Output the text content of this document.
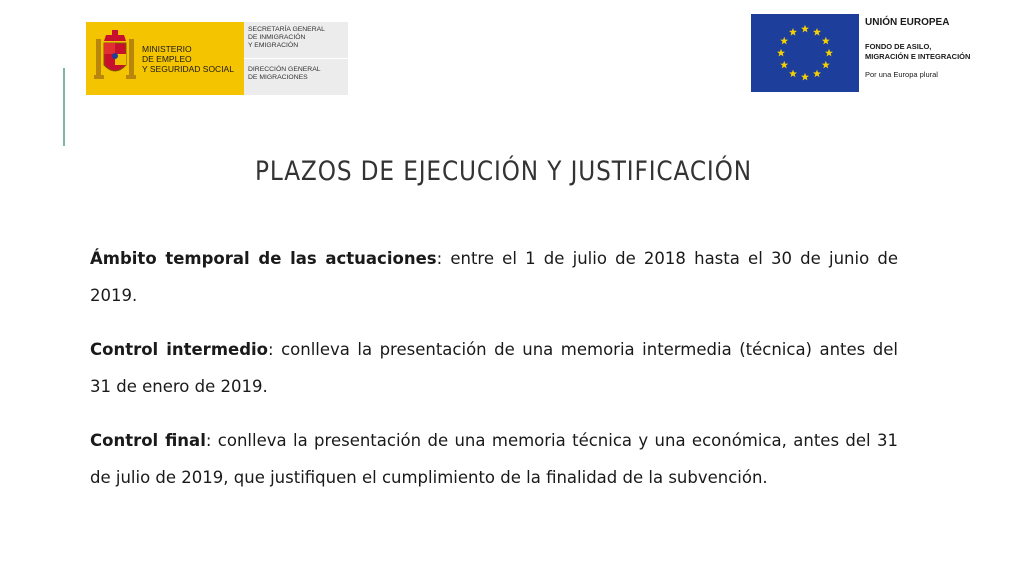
MINISTERIO
DE EMPLEO
Y SEGURIDAD SOCIAL
SECRETARÍA GENERAL
DE INMIGRACIÓN
Y EMIGRACIÓN
DIRECCIÓN GENERAL
DE MIGRACIONES
UNIÓN EUROPEA
FONDO DE ASILO,
MIGRACIÓN E INTEGRACIÓN
Por una Europa plural
PLAZOS DE EJECUCIÓN Y JUSTIFICACIÓN

Ámbito temporal de las actuaciones: entre el 1 de julio de 2018 hasta el 30 de junio de 2019.

Control intermedio: conlleva la presentación de una memoria intermedia (técnica) antes del 31 de enero de 2019.

Control final: conlleva la presentación de una memoria técnica y una económica, antes del 31 de julio de 2019, que justifiquen el cumplimiento de la finalidad de la subvención.
